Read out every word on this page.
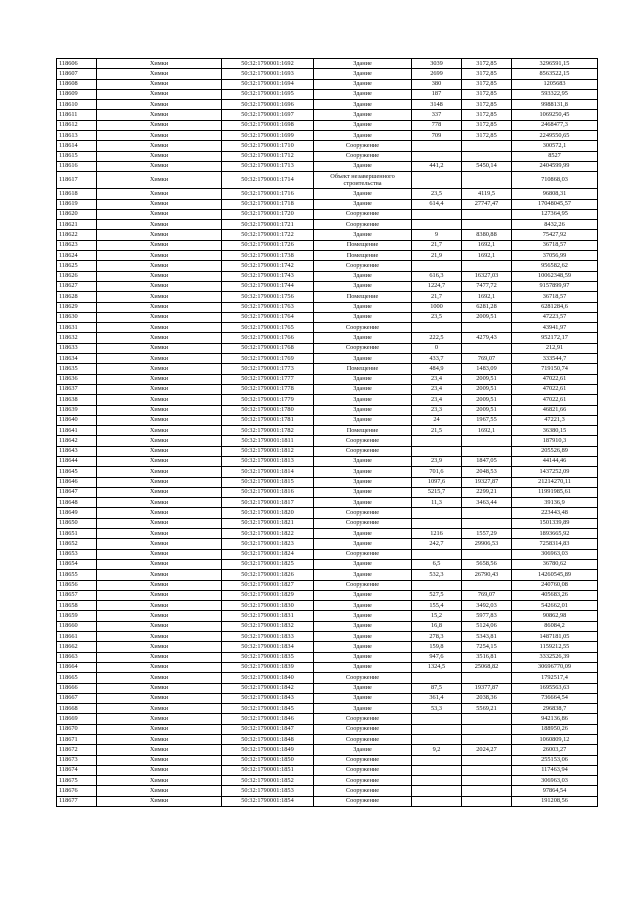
118606	Химки	50:32:1790001:1692	Здание	3039	3172,85	3296591,15
118607	Химки	50:32:1790001:1693	Здание	2699	3172,85	8563522,15
118608	Химки	50:32:1790001:1694	Здание	380	3172,85	1205683
118609	Химки	50:32:1790001:1695	Здание	187	3172,85	593322,95
118610	Химки	50:32:1790001:1696	Здание	3148	3172,85	9988131,8
118611	Химки	50:32:1790001:1697	Здание	337	3172,85	1069250,45
118612	Химки	50:32:1790001:1698	Здание	778	3172,85	2468477,3
118613	Химки	50:32:1790001:1699	Здание	709	3172,85	2249550,65
118614	Химки	50:32:1790001:1710	Сооружение			300572,1
118615	Химки	50:32:1790001:1712	Сооружение			8527
118616	Химки	50:32:1790001:1713	Здание	441,2	5450,14	2404599,99
118617	Химки	50:32:1790001:1714	Объект незавершенного строительства			710868,03
118618	Химки	50:32:1790001:1716	Здание	23,5	4119,5	96808,31
118619	Химки	50:32:1790001:1718	Здание	614,4	27747,47	17048045,57
118620	Химки	50:32:1790001:1720	Сооружение			127364,95
118621	Химки	50:32:1790001:1721	Сооружение			8432,26
118622	Химки	50:32:1790001:1722	Здание	9	8380,88	75427,92
118623	Химки	50:32:1790001:1726	Помещение	21,7	1692,1	36718,57
118624	Химки	50:32:1790001:1738	Помещение	21,9	1692,1	37056,99
118625	Химки	50:32:1790001:1742	Сооружение			956582,62
118626	Химки	50:32:1790001:1743	Здание	616,3	16327,03	10062348,59
118627	Химки	50:32:1790001:1744	Здание	1224,7	7477,72	9157899,97
118628	Химки	50:32:1790001:1756	Помещение	21,7	1692,1	36718,57
118629	Химки	50:32:1790001:1763	Здание	1000	6281,28	6281284,6
118630	Химки	50:32:1790001:1764	Здание	23,5	2009,51	47223,57
118631	Химки	50:32:1790001:1765	Сооружение			43941,97
118632	Химки	50:32:1790001:1766	Здание	222,5	4279,43	952172,17
118633	Химки	50:32:1790001:1768	Сооружение	0		212,91
118634	Химки	50:32:1790001:1769	Здание	433,7	769,07	333544,7
118635	Химки	50:32:1790001:1773	Помещение	484,9	1483,09	719150,74
118636	Химки	50:32:1790001:1777	Здание	23,4	2009,51	47022,61
118637	Химки	50:32:1790001:1778	Здание	23,4	2009,51	47022,61
118638	Химки	50:32:1790001:1779	Здание	23,4	2009,51	47022,61
118639	Химки	50:32:1790001:1780	Здание	23,3	2009,51	46821,66
118640	Химки	50:32:1790001:1781	Здание	24	1967,55	47221,3
118641	Химки	50:32:1790001:1782	Помещение	21,5	1692,1	36380,15
118642	Химки	50:32:1790001:1811	Сооружение			187910,3
118643	Химки	50:32:1790001:1812	Сооружение			205526,89
118644	Химки	50:32:1790001:1813	Здание	23,9	1847,05	44144,46
118645	Химки	50:32:1790001:1814	Здание	701,6	2048,53	1437252,09
118646	Химки	50:32:1790001:1815	Здание	1097,6	19327,87	21214270,11
118647	Химки	50:32:1790001:1816	Здание	5215,7	2299,21	11991985,61
118648	Химки	50:32:1790001:1817	Здание	11,3	3463,44	39136,9
118649	Химки	50:32:1790001:1820	Сооружение			223443,48
118650	Химки	50:32:1790001:1821	Сооружение			1501339,89
118651	Химки	50:32:1790001:1822	Здание	1216	1557,29	1893665,92
118652	Химки	50:32:1790001:1823	Здание	242,7	29906,53	7258314,83
118653	Химки	50:32:1790001:1824	Сооружение			306963,03
118654	Химки	50:32:1790001:1825	Здание	6,5	5658,56	36780,62
118655	Химки	50:32:1790001:1826	Здание	532,3	26790,43	14260545,89
118656	Химки	50:32:1790001:1827	Сооружение			240760,08
118657	Химки	50:32:1790001:1829	Здание	527,5	769,07	405683,26
118658	Химки	50:32:1790001:1830	Здание	155,4	3492,03	542662,01
118659	Химки	50:32:1790001:1831	Здание	15,2	5977,83	90862,98
118660	Химки	50:32:1790001:1832	Здание	16,8	5124,06	86084,2
118661	Химки	50:32:1790001:1833	Здание	278,3	5343,81	1487181,05
118662	Химки	50:32:1790001:1834	Здание	159,8	7254,15	1159212,55
118663	Химки	50:32:1790001:1835	Здание	947,6	3516,81	3332526,39
118664	Химки	50:32:1790001:1839	Здание	1324,5	25068,82	30696770,09
118665	Химки	50:32:1790001:1840	Сооружение			1792517,4
118666	Химки	50:32:1790001:1842	Здание	87,5	19377,87	1695563,63
118667	Химки	50:32:1790001:1843	Здание	361,4	2038,36	736664,54
118668	Химки	50:32:1790001:1845	Здание	53,3	5569,21	296838,7
118669	Химки	50:32:1790001:1846	Сооружение			942136,86
118670	Химки	50:32:1790001:1847	Сооружение			188950,26
118671	Химки	50:32:1790001:1848	Сооружение			1060809,12
118672	Химки	50:32:1790001:1849	Здание	9,2	2024,27	26003,27
118673	Химки	50:32:1790001:1850	Сооружение			255153,06
118674	Химки	50:32:1790001:1851	Сооружение			117463,94
118675	Химки	50:32:1790001:1852	Сооружение			306963,03
118676	Химки	50:32:1790001:1853	Сооружение			97864,54
118677	Химки	50:32:1790001:1854	Сооружение			191208,56
